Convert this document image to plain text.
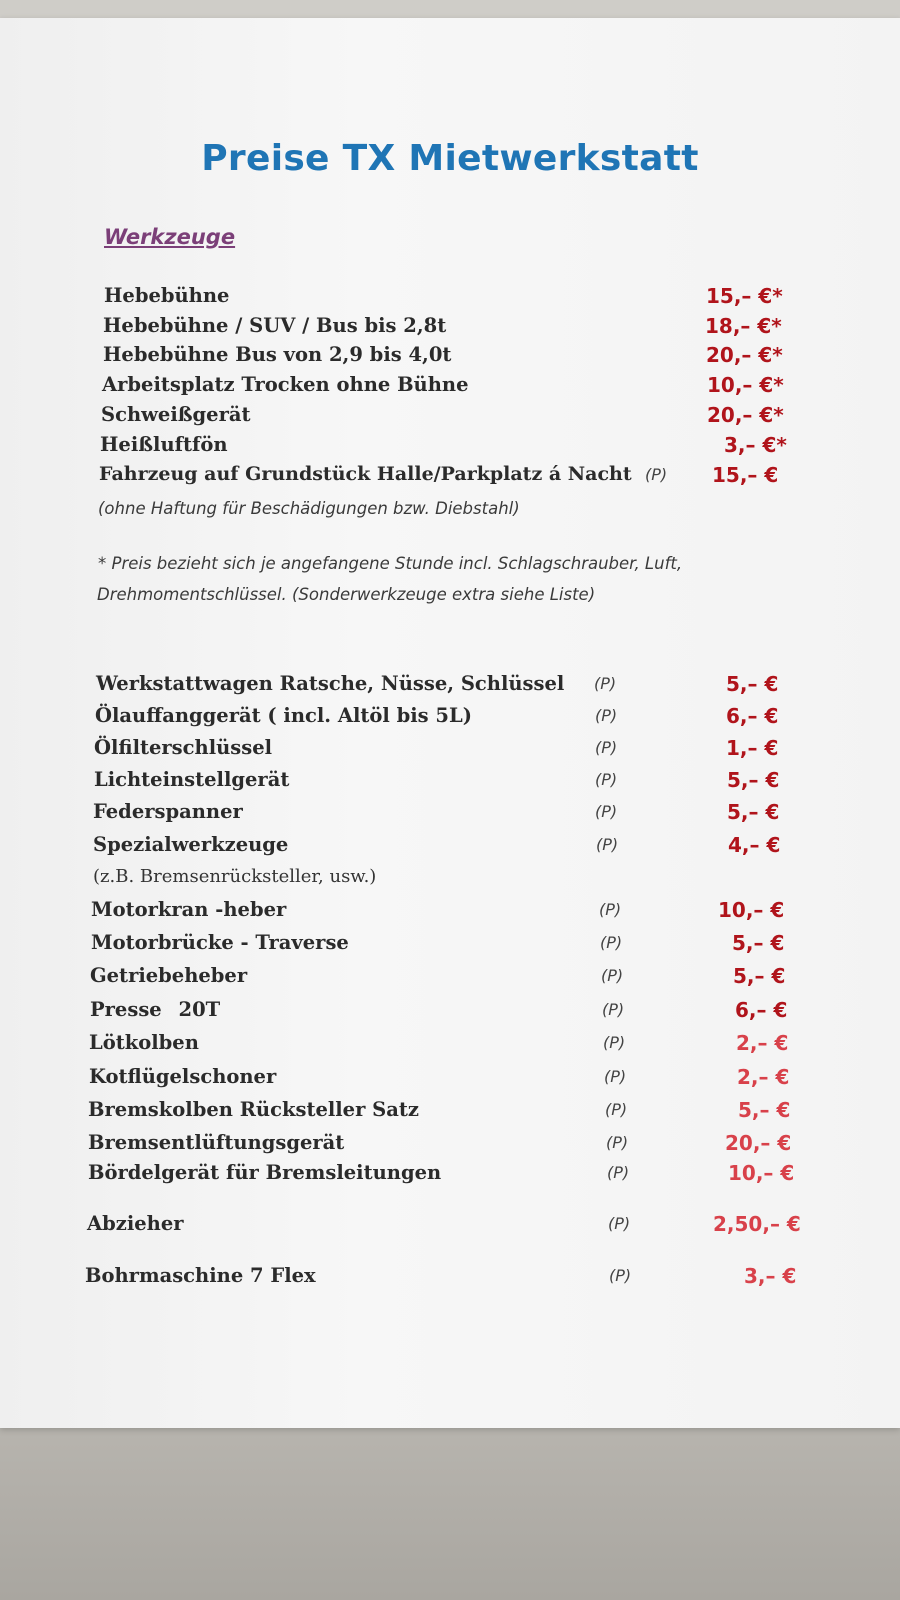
Preise TX Mietwerkstatt
Werkzeuge
Hebebühne	15,– €*
Hebebühne / SUV / Bus bis 2,8t	18,– €*
Hebebühne Bus von 2,9 bis 4,0t	20,– €*
Arbeitsplatz Trocken ohne Bühne	10,– €*
Schweißgerät	20,– €*
Heißluftfön	3,– €*
Fahrzeug auf Grundstück Halle/Parkplatz á Nacht (P) 15,– €

(ohne Haftung für Beschädigungen bzw. Diebstahl)

* Preis bezieht sich je angefangene Stunde incl. Schlagschrauber, Luft,

Drehmomentschlüssel. (Sonderwerkzeuge extra siehe Liste)

Werkstattwagen Ratsche, Nüsse, Schlüssel (P)	5,– €
Ölauffanggerät ( incl. Altöl bis 5L)	(P)	6,– €
Ölfilterschlüssel	(P)	1,– €
Lichteinstellgerät	(P)	5,– €
Federspanner	(P)	5,– €
Spezialwerkzeuge	(P)	4,– €

(z.B. Bremsenrücksteller, usw.)

Motorkran -heber	(P)	10,– €
Motorbrücke - Traverse	(P)	5,– €
Getriebeheber	(P)	5,– €
Presse 20T	(P)	6,– €
Lötkolben	(P)	2,– €
Kotflügelschoner	(P)	2,– €
Bremskolben Rücksteller Satz	(P)	5,– €
Bremsentlüftungsgerät	(P)	20,– €
Bördelgerät für Bremsleitungen	(P)	10,– €
Abzieher	(P)	2,50,– €
Bohrmaschine 7 Flex	(P)	3,– €
